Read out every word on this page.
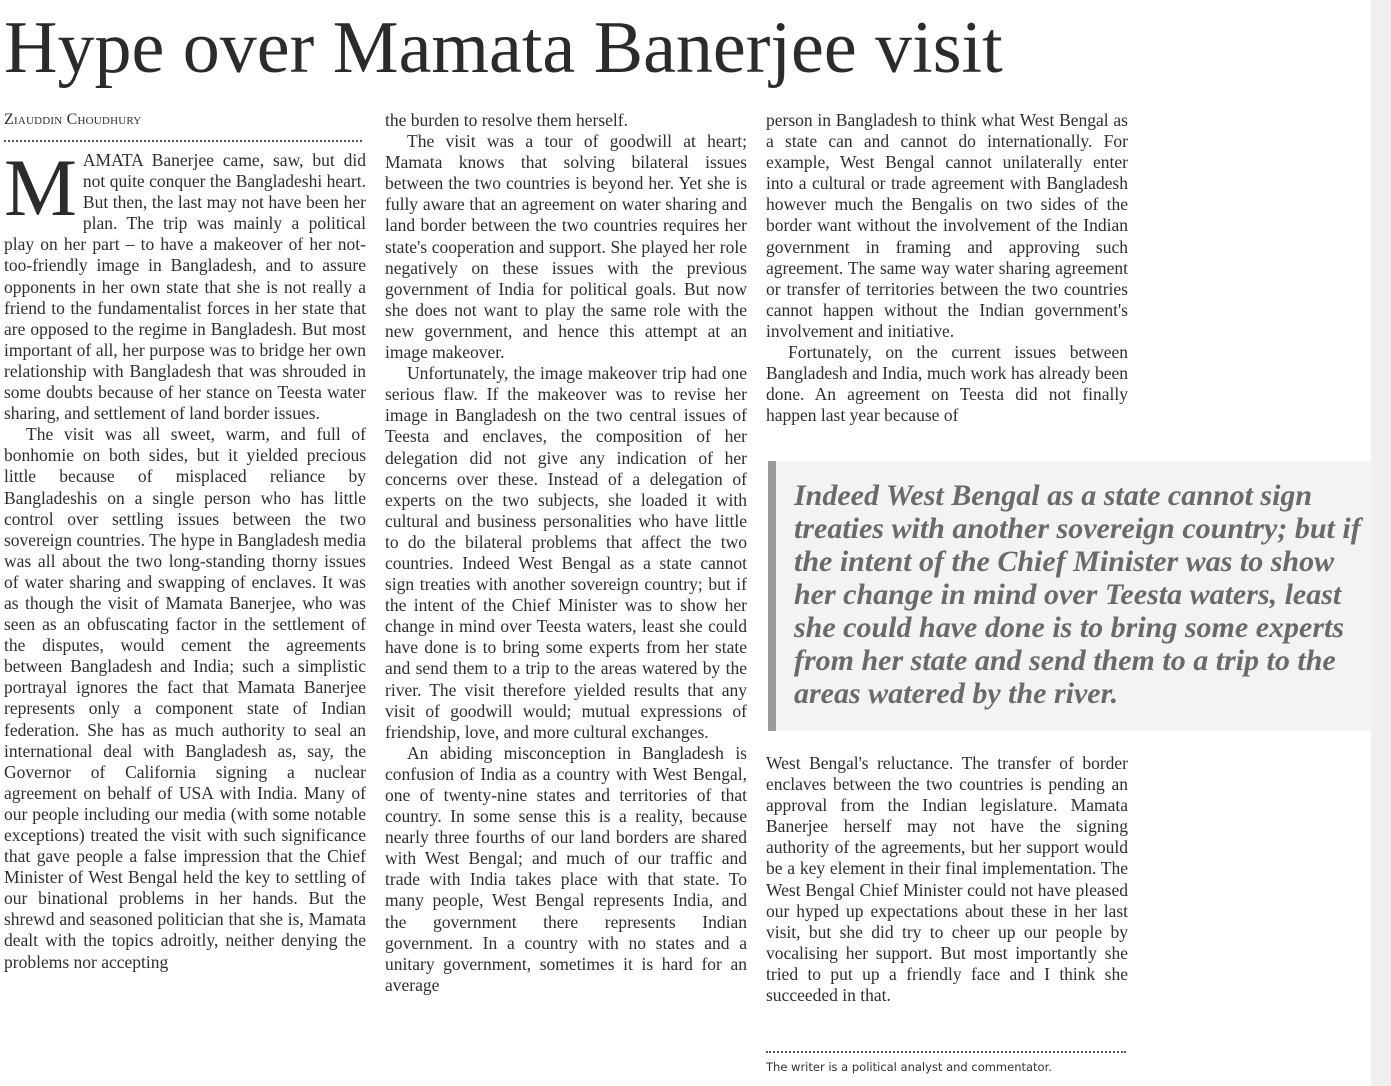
Hype over Mamata Banerjee visit
Ziauddin Choudhury

MAMATA Banerjee came, saw, but did not quite conquer the Bangladeshi heart. But then, the last may not have been her plan. The trip was mainly a political play on her part – to have a makeover of her not-too-friendly image in Bangladesh, and to assure opponents in her own state that she is not really a friend to the fundamentalist forces in her state that are opposed to the regime in Bangladesh. But most important of all, her purpose was to bridge her own relationship with Bangladesh that was shrouded in some doubts because of her stance on Teesta water sharing, and settlement of land border issues.

The visit was all sweet, warm, and full of bonhomie on both sides, but it yielded precious little because of misplaced reliance by Bangladeshis on a single person who has little control over settling issues between the two sovereign countries. The hype in Bangladesh media was all about the two long-standing thorny issues of water sharing and swapping of enclaves. It was as though the visit of Mamata Banerjee, who was seen as an obfuscating factor in the settlement of the disputes, would cement the agreements between Bangladesh and India; such a simplistic portrayal ignores the fact that Mamata Banerjee represents only a component state of Indian federation. She has as much authority to seal an international deal with Bangladesh as, say, the Governor of California signing a nuclear agreement on behalf of USA with India. Many of our people including our media (with some notable exceptions) treated the visit with such significance that gave people a false impression that the Chief Minister of West Bengal held the key to settling of our binational problems in her hands. But the shrewd and seasoned politician that she is, Mamata dealt with the topics adroitly, neither denying the problems nor accepting

the burden to resolve them herself.

The visit was a tour of goodwill at heart; Mamata knows that solving bilateral issues between the two countries is beyond her. Yet she is fully aware that an agreement on water sharing and land border between the two countries requires her state's cooperation and support. She played her role negatively on these issues with the previous government of India for political goals. But now she does not want to play the same role with the new government, and hence this attempt at an image makeover.

Unfortunately, the image makeover trip had one serious flaw. If the makeover was to revise her image in Bangladesh on the two central issues of Teesta and enclaves, the composition of her delegation did not give any indication of her concerns over these. Instead of a delegation of experts on the two subjects, she loaded it with cultural and business personalities who have little to do the bilateral problems that affect the two countries. Indeed West Bengal as a state cannot sign treaties with another sovereign country; but if the intent of the Chief Minister was to show her change in mind over Teesta waters, least she could have done is to bring some experts from her state and send them to a trip to the areas watered by the river. The visit therefore yielded results that any visit of goodwill would; mutual expressions of friendship, love, and more cultural exchanges.

An abiding misconception in Bangladesh is confusion of India as a country with West Bengal, one of twenty-nine states and territories of that country. In some sense this is a reality, because nearly three fourths of our land borders are shared with West Bengal; and much of our traffic and trade with India takes place with that state. To many people, West Bengal represents India, and the government there represents Indian government. In a country with no states and a unitary government, sometimes it is hard for an average

person in Bangladesh to think what West Bengal as a state can and cannot do internationally. For example, West Bengal cannot unilaterally enter into a cultural or trade agreement with Bangladesh however much the Bengalis on two sides of the border want without the involvement of the Indian government in framing and approving such agreement. The same way water sharing agreement or transfer of territories between the two countries cannot happen without the Indian government's involvement and initiative.

Fortunately, on the current issues between Bangladesh and India, much work has already been done. An agreement on Teesta did not finally happen last year because of

Indeed West Bengal as a state cannot sign treaties with another sovereign country; but if the intent of the Chief Minister was to show her change in mind over Teesta waters, least she could have done is to bring some experts from her state and send them to a trip to the areas watered by the river.

West Bengal's reluctance. The transfer of border enclaves between the two countries is pending an approval from the Indian legislature. Mamata Banerjee herself may not have the signing authority of the agreements, but her support would be a key element in their final implementation. The West Bengal Chief Minister could not have pleased our hyped up expectations about these in her last visit, but she did try to cheer up our people by vocalising her support. But most importantly she tried to put up a friendly face and I think she succeeded in that.

The writer is a political analyst and commentator.
